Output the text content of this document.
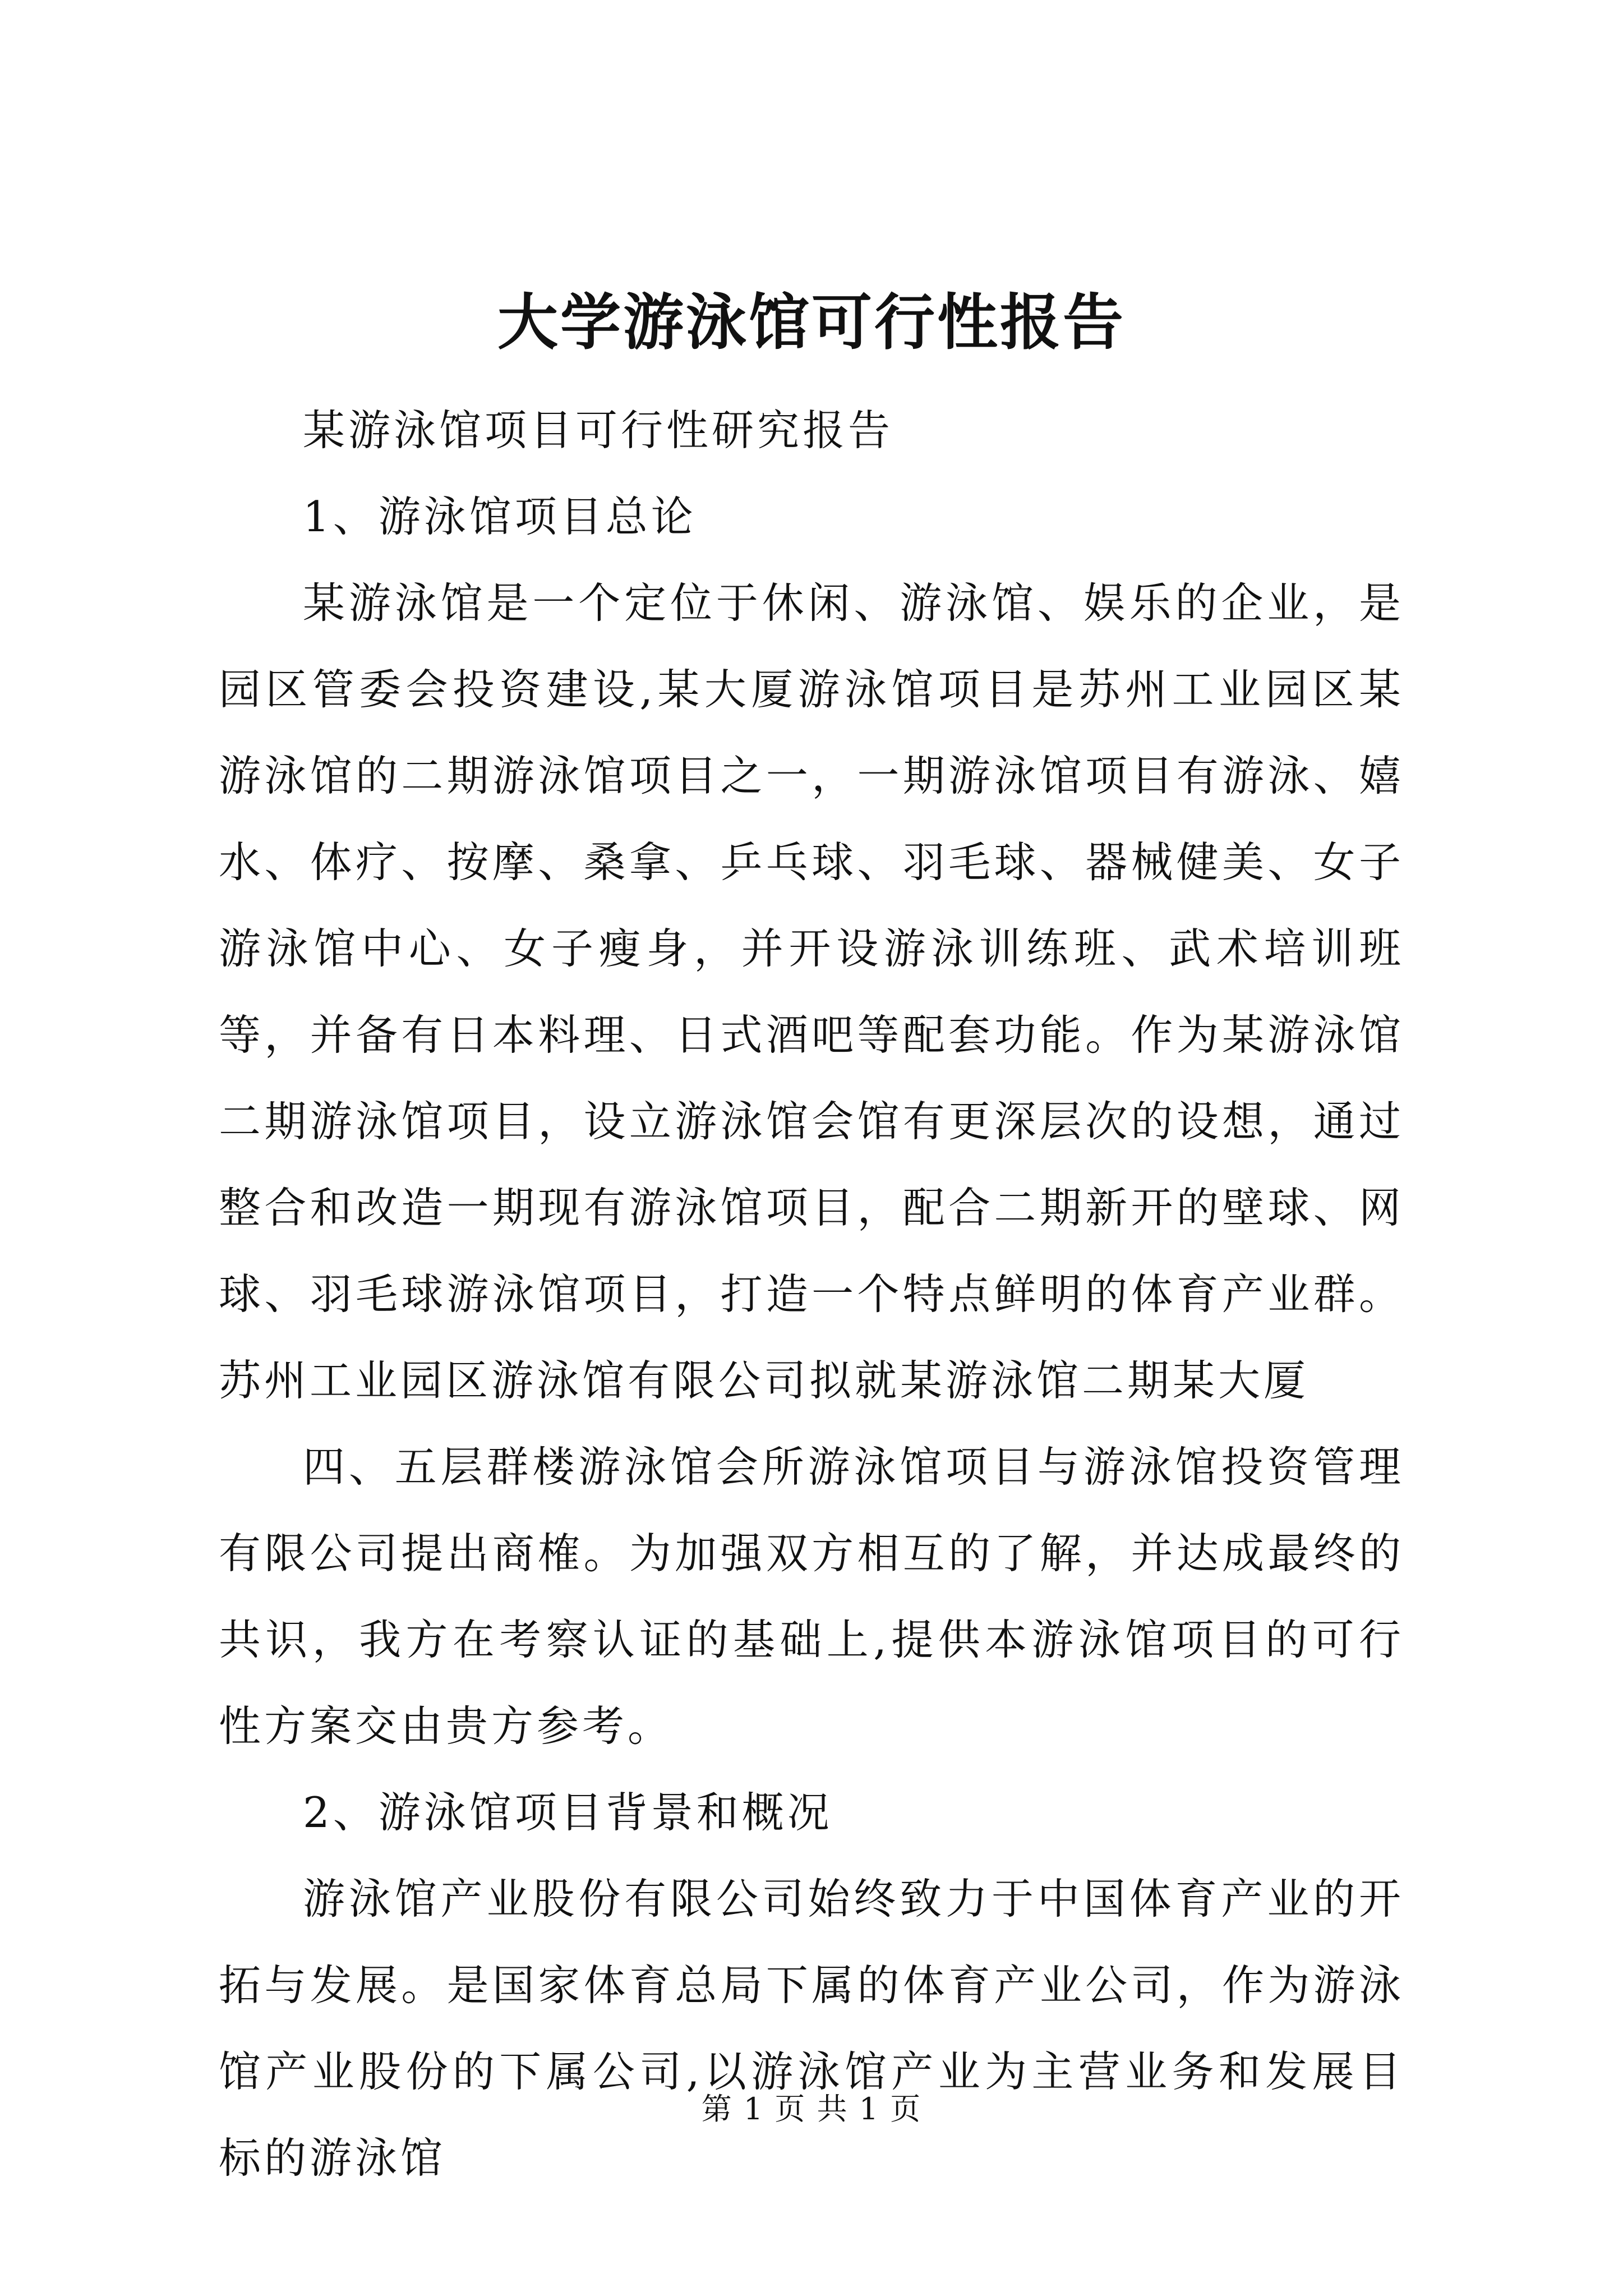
大学游泳馆可行性报告

某游泳馆项目可行性研究报告

1、游泳馆项目总论

某游泳馆是一个定位于休闲、游泳馆、娱乐的企业，是园区管委会投资建设,某大厦游泳馆项目是苏州工业园区某游泳馆的二期游泳馆项目之一，一期游泳馆项目有游泳、嬉水、体疗、按摩、桑拿、乒乓球、羽毛球、器械健美、女子游泳馆中心、女子瘦身，并开设游泳训练班、武术培训班等，并备有日本料理、日式酒吧等配套功能。作为某游泳馆二期游泳馆项目，设立游泳馆会馆有更深层次的设想，通过整合和改造一期现有游泳馆项目，配合二期新开的壁球、网球、羽毛球游泳馆项目，打造一个特点鲜明的体育产业群。苏州工业园区游泳馆有限公司拟就某游泳馆二期某大厦

四、五层群楼游泳馆会所游泳馆项目与游泳馆投资管理有限公司提出商榷。为加强双方相互的了解，并达成最终的共识，我方在考察认证的基础上,提供本游泳馆项目的可行性方案交由贵方参考。

2、游泳馆项目背景和概况

游泳馆产业股份有限公司始终致力于中国体育产业的开拓与发展。是国家体育总局下属的体育产业公司，作为游泳馆产业股份的下属公司,以游泳馆产业为主营业务和发展目标的游泳馆

第 1 页 共 1 页
